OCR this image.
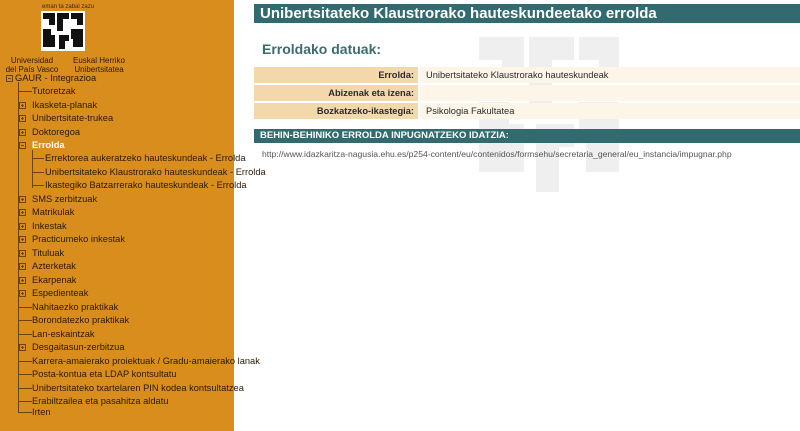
eman ta zabal zazu
Universidad
del País Vasco
Euskal Herriko
Unibertsitatea
GAUR - Integrazioa
Tutoretzak
Ikasketa-planak
Unibertsitate-trukea
Doktoregoa
Errolda
Errektorea aukeratzeko hauteskundeak - Errolda
Unibertsitateko Klaustrorako hauteskundeak - Errolda
Ikastegiko Batzarrerako hauteskundeak - Errolda
SMS zerbitzuak
Matrikulak
Inkestak
Practicumeko inkestak
Tituluak
Azterketak
Ekarpenak
Espedienteak
Nahitaezko praktikak
Borondatezko praktikak
Lan-eskaintzak
Desgaitasun-zerbitzua
Karrera-amaierako proiektuak / Gradu-amaierako lanak
Posta-kontua eta LDAP kontsultatu
Unibertsitateko txartelaren PIN kodea kontsultatzea
Erabiltzailea eta pasahitza aldatu
Irten
Unibertsitateko Klaustrorako hauteskundeetako errolda
Erroldako datuak:
Errolda:	Unibertsitateko Klaustrorako hauteskundeak
Abizenak eta izena:
Bozkatzeko-ikastegia:	Psikologia Fakultatea
BEHIN-BEHINIKO ERROLDA INPUGNATZEKO IDATZIA:
http://www.idazkaritza-nagusia.ehu.es/p254-content/eu/contenidos/formsehu/secretaria_general/eu_instancia/impugnar.php
